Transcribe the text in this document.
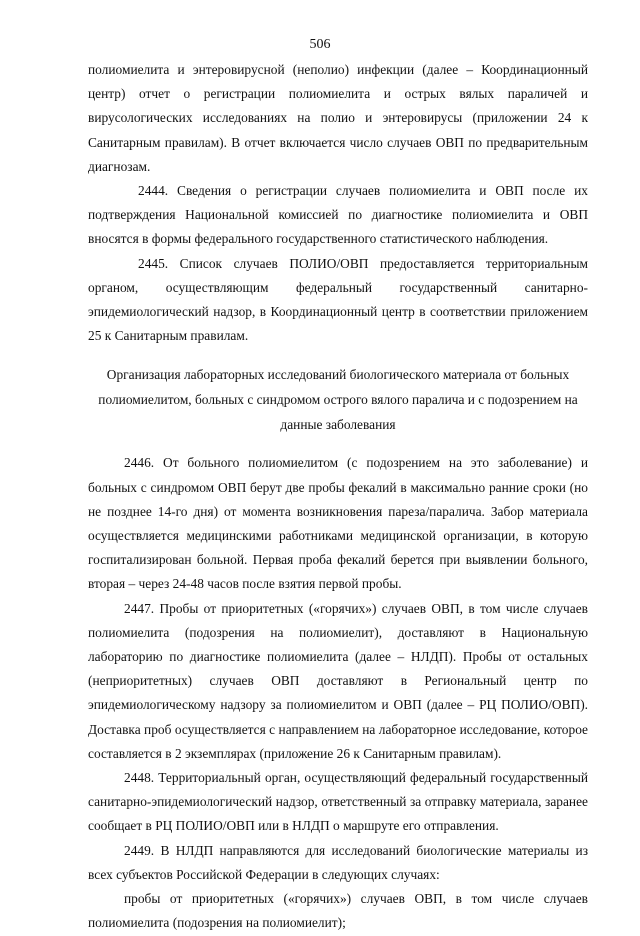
506

полиомиелита и энтеровирусной (неполио) инфекции (далее – Координационный центр) отчет о регистрации полиомиелита и острых вялых параличей и вирусологических исследованиях на полио и энтеровирусы (приложении 24 к Санитарным правилам). В отчет включается число случаев ОВП по предварительным диагнозам.

2444. Сведения о регистрации случаев полиомиелита и ОВП после их подтверждения Национальной комиссией по диагностике полиомиелита и ОВП вносятся в формы федерального государственного статистического наблюдения.

2445. Список случаев ПОЛИО/ОВП предоставляется территориальным органом, осуществляющим федеральный государственный санитарно-эпидемиологический надзор, в Координационный центр в соответствии приложением 25 к Санитарным правилам.

Организация лабораторных исследований биологического материала от больных полиомиелитом, больных с синдромом острого вялого паралича и с подозрением на данные заболевания

2446. От больного полиомиелитом (с подозрением на это заболевание) и больных с синдромом ОВП берут две пробы фекалий в максимально ранние сроки (но не позднее 14-го дня) от момента возникновения пареза/паралича. Забор материала осуществляется медицинскими работниками медицинской организации, в которую госпитализирован больной. Первая проба фекалий берется при выявлении больного, вторая – через 24-48 часов после взятия первой пробы.

2447. Пробы от приоритетных («горячих») случаев ОВП, в том числе случаев полиомиелита (подозрения на полиомиелит), доставляют в Национальную лабораторию по диагностике полиомиелита (далее – НЛДП). Пробы от остальных (неприоритетных) случаев ОВП доставляют в Региональный центр по эпидемиологическому надзору за полиомиелитом и ОВП (далее – РЦ ПОЛИО/ОВП). Доставка проб осуществляется с направлением на лабораторное исследование, которое составляется в 2 экземплярах (приложение 26 к Санитарным правилам).

2448. Территориальный орган, осуществляющий федеральный государственный санитарно-эпидемиологический надзор, ответственный за отправку материала, заранее сообщает в РЦ ПОЛИО/ОВП или в НЛДП о маршруте его отправления.

2449. В НЛДП направляются для исследований биологические материалы из всех субъектов Российской Федерации в следующих случаях:

пробы от приоритетных («горячих») случаев ОВП, в том числе случаев полиомиелита (подозрения на полиомиелит);
